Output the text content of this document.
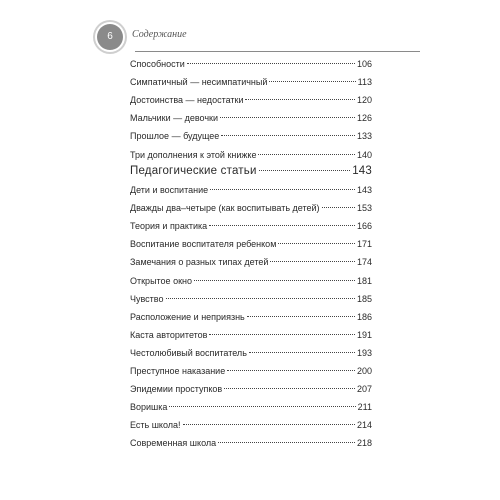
6	Содержание
Способности	106
Симпатичный — несимпатичный	113
Достоинства — недостатки	120
Мальчики — девочки	126
Прошлое — будущее	133
Три дополнения к этой книжке	140
Педагогические статьи	143
Дети и воспитание	143
Дважды два–четыре (как воспитывать детей)	153
Теория и практика	166
Воспитание воспитателя ребенком	171
Замечания о разных типах детей	174
Открытое окно	181
Чувство	185
Расположение и неприязнь	186
Каста авторитетов	191
Честолюбивый воспитатель	193
Преступное наказание	200
Эпидемии проступков	207
Воришка	211
Есть школа!	214
Современная школа	218
